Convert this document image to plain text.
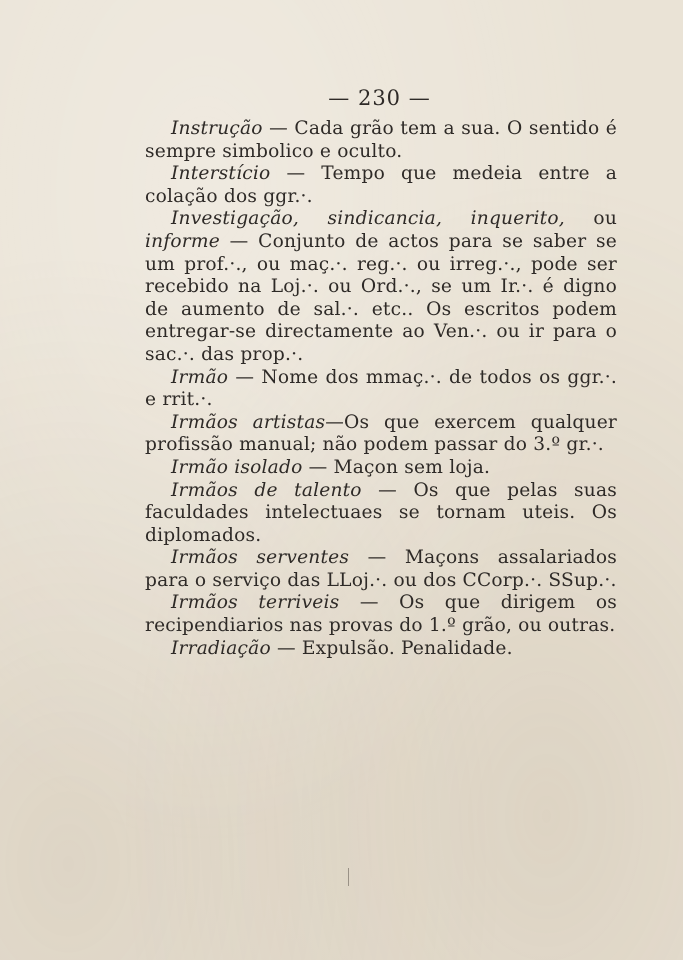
— 230 —

Instrução — Cada grão tem a sua. O sentido é sempre simbolico e oculto.

Interstício — Tempo que medeia entre a colação dos ggr.·.

Investigação, sindicancia, inquerito, ou informe — Conjunto de actos para se saber se um prof.·., ou maç.·. reg.·. ou irreg.·., pode ser recebido na Loj.·. ou Ord.·., se um Ir.·. é digno de aumento de sal.·. etc.. Os escritos podem entregar-se directamente ao Ven.·. ou ir para o sac.·. das prop.·.

Irmão — Nome dos mmaç.·. de todos os ggr.·. e rrit.·.

Irmãos artistas—Os que exercem qualquer profissão manual; não podem passar do 3.º gr.·.

Irmão isolado — Maçon sem loja.

Irmãos de talento — Os que pelas suas faculdades intelectuaes se tornam uteis. Os diplomados.

Irmãos serventes — Maçons assalariados para o serviço das LLoj.·. ou dos CCorp.·. SSup.·.

Irmãos terriveis — Os que dirigem os recipendiarios nas provas do 1.º grão, ou outras.

Irradiação — Expulsão. Penalidade.
